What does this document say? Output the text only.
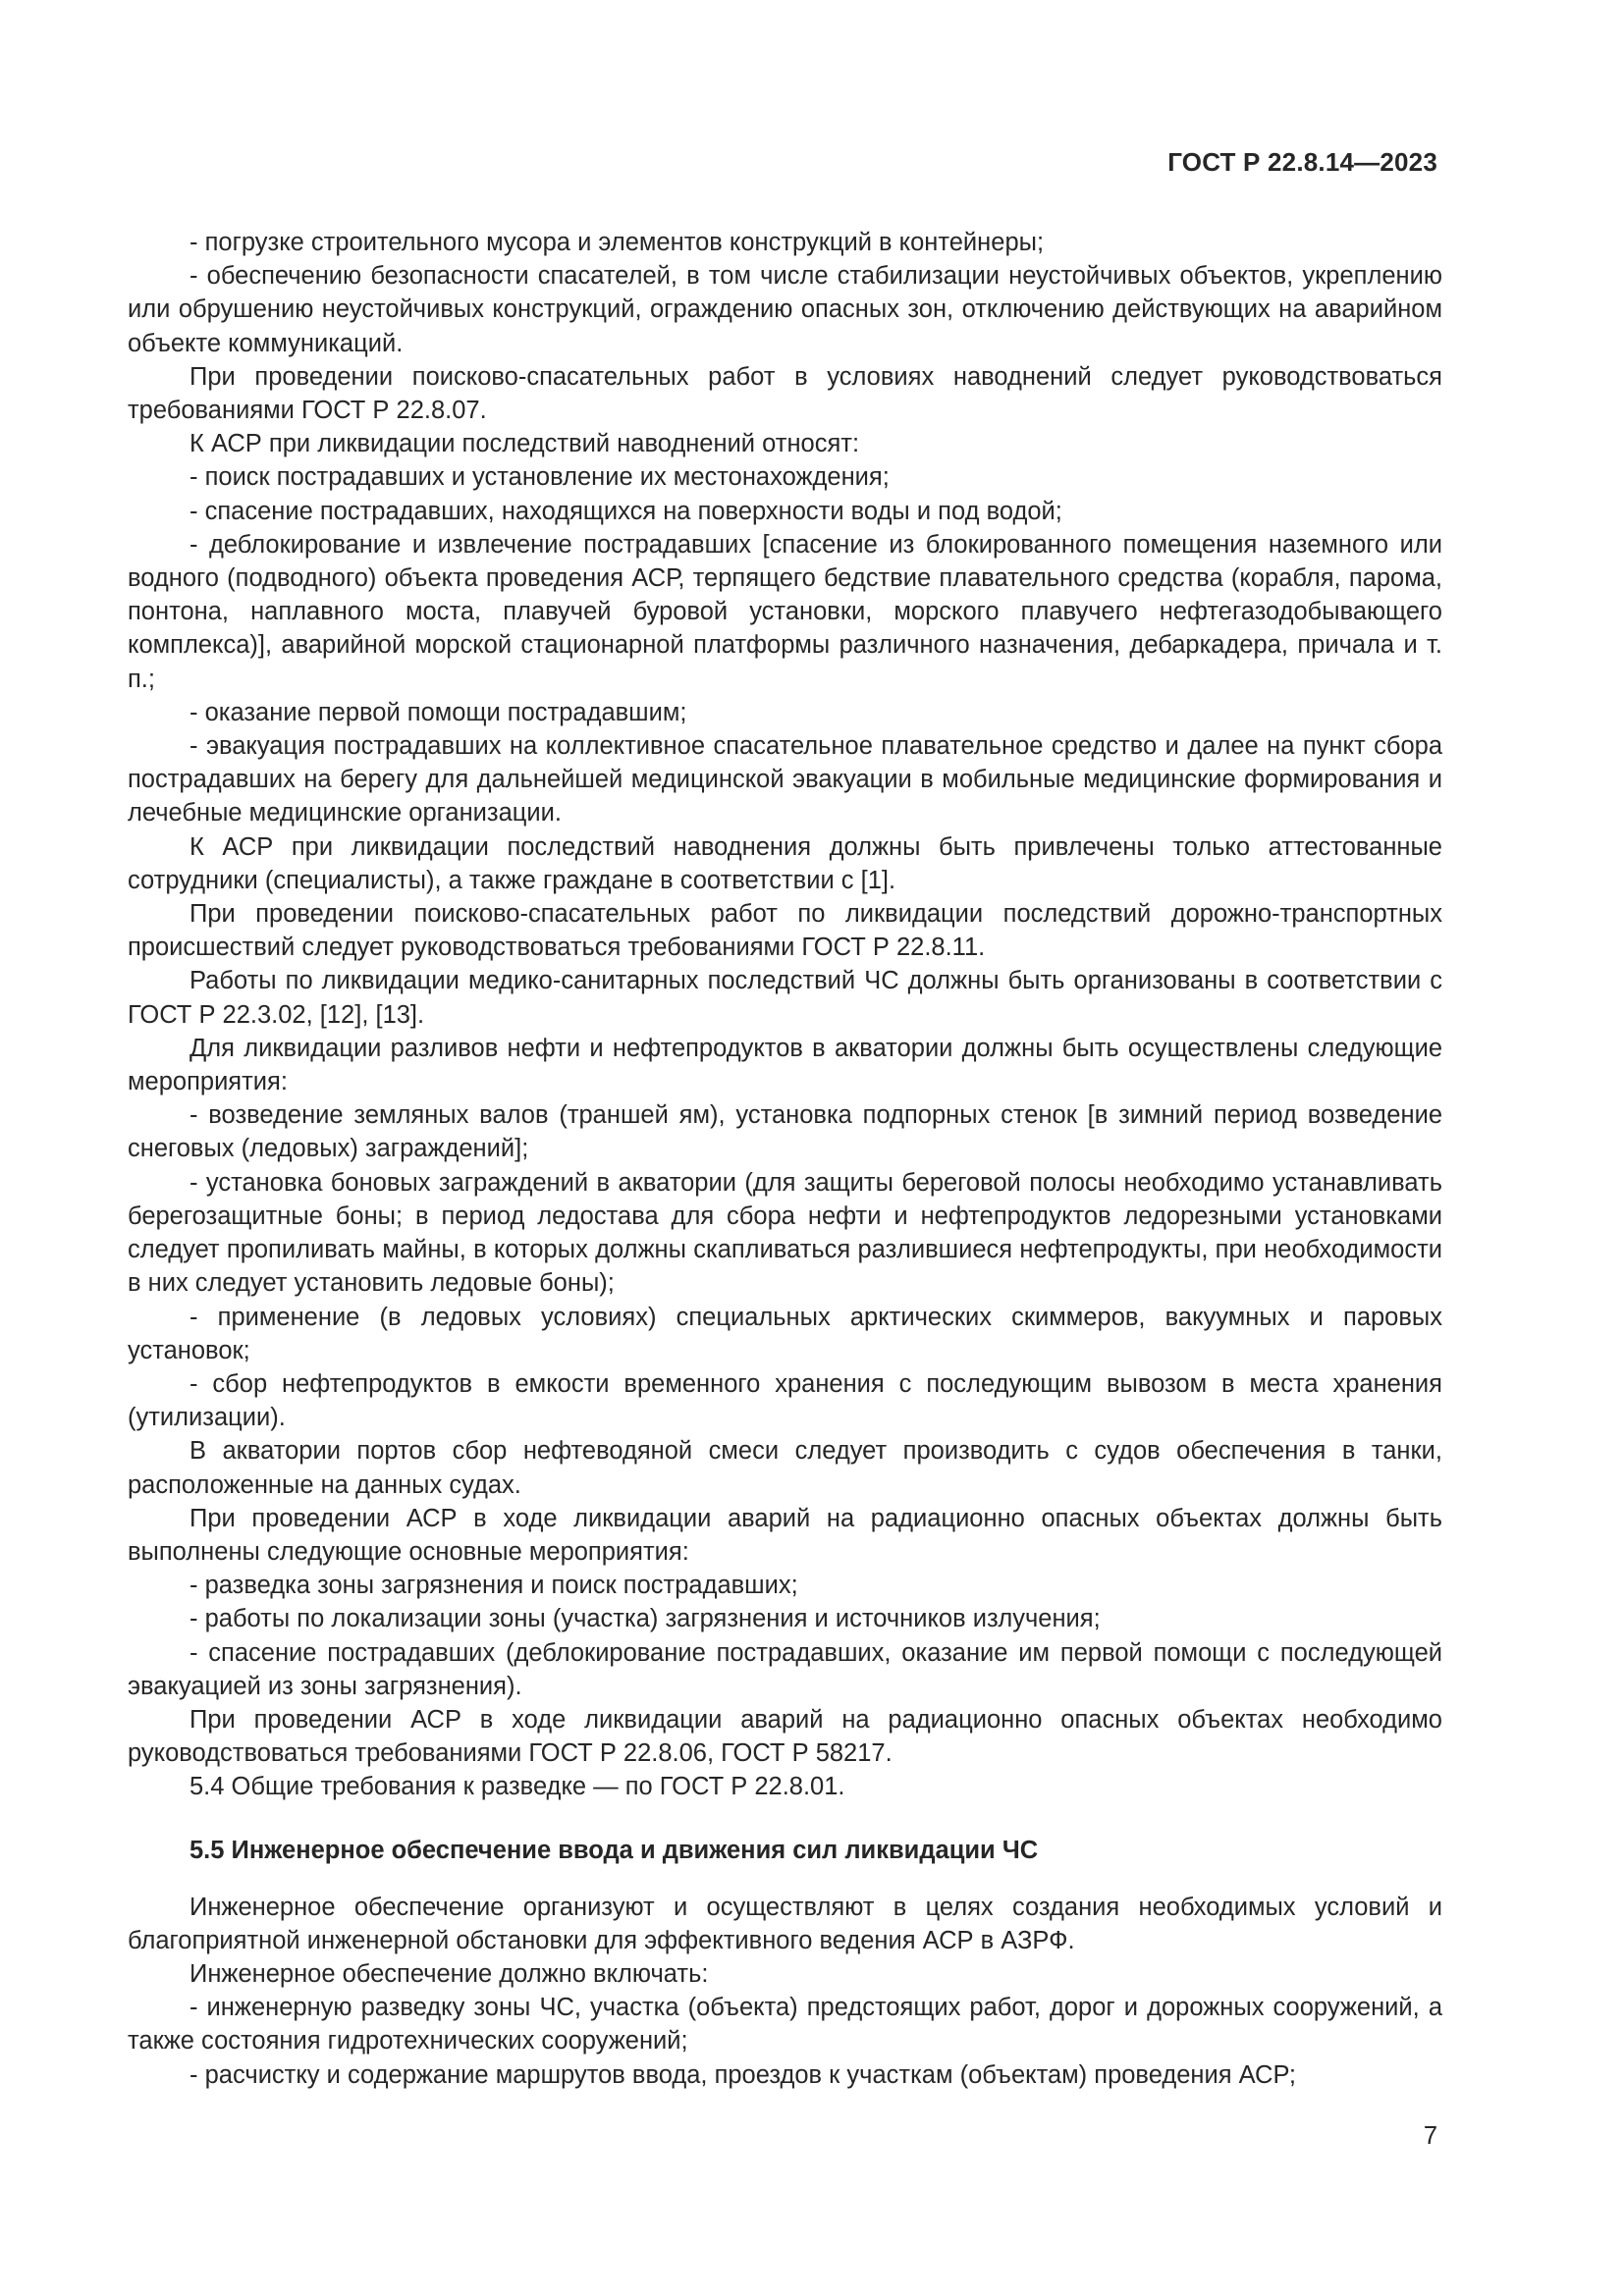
ГОСТ Р 22.8.14—2023

- погрузке строительного мусора и элементов конструкций в контейнеры;

- обеспечению безопасности спасателей, в том числе стабилизации неустойчивых объектов, укреплению или обрушению неустойчивых конструкций, ограждению опасных зон, отключению действующих на аварийном объекте коммуникаций.

При проведении поисково-спасательных работ в условиях наводнений следует руководствоваться требованиями ГОСТ Р 22.8.07.

К АСР при ликвидации последствий наводнений относят:

- поиск пострадавших и установление их местонахождения;

- спасение пострадавших, находящихся на поверхности воды и под водой;

- деблокирование и извлечение пострадавших [спасение из блокированного помещения наземного или водного (подводного) объекта проведения АСР, терпящего бедствие плавательного средства (корабля, парома, понтона, наплавного моста, плавучей буровой установки, морского плавучего нефтегазодобывающего комплекса)], аварийной морской стационарной платформы различного назначения, дебаркадера, причала и т. п.;

- оказание первой помощи пострадавшим;

- эвакуация пострадавших на коллективное спасательное плавательное средство и далее на пункт сбора пострадавших на берегу для дальнейшей медицинской эвакуации в мобильные медицинские формирования и лечебные медицинские организации.

К АСР при ликвидации последствий наводнения должны быть привлечены только аттестованные сотрудники (специалисты), а также граждане в соответствии с [1].

При проведении поисково-спасательных работ по ликвидации последствий дорожно-транспортных происшествий следует руководствоваться требованиями ГОСТ Р 22.8.11.

Работы по ликвидации медико-санитарных последствий ЧС должны быть организованы в соответствии с ГОСТ Р 22.3.02, [12], [13].

Для ликвидации разливов нефти и нефтепродуктов в акватории должны быть осуществлены следующие мероприятия:

- возведение земляных валов (траншей ям), установка подпорных стенок [в зимний период возведение снеговых (ледовых) заграждений];

- установка боновых заграждений в акватории (для защиты береговой полосы необходимо устанавливать берегозащитные боны; в период ледостава для сбора нефти и нефтепродуктов ледорезными установками следует пропиливать майны, в которых должны скапливаться разлившиеся нефтепродукты, при необходимости в них следует установить ледовые боны);

- применение (в ледовых условиях) специальных арктических скиммеров, вакуумных и паровых установок;

- сбор нефтепродуктов в емкости временного хранения с последующим вывозом в места хранения (утилизации).

В акватории портов сбор нефтеводяной смеси следует производить с судов обеспечения в танки, расположенные на данных судах.

При проведении АСР в ходе ликвидации аварий на радиационно опасных объектах должны быть выполнены следующие основные мероприятия:

- разведка зоны загрязнения и поиск пострадавших;

- работы по локализации зоны (участка) загрязнения и источников излучения;

- спасение пострадавших (деблокирование пострадавших, оказание им первой помощи с последующей эвакуацией из зоны загрязнения).

При проведении АСР в ходе ликвидации аварий на радиационно опасных объектах необходимо руководствоваться требованиями ГОСТ Р 22.8.06, ГОСТ Р 58217.

5.4 Общие требования к разведке — по ГОСТ Р 22.8.01.

5.5 Инженерное обеспечение ввода и движения сил ликвидации ЧС

Инженерное обеспечение организуют и осуществляют в целях создания необходимых условий и благоприятной инженерной обстановки для эффективного ведения АСР в АЗРФ.

Инженерное обеспечение должно включать:

- инженерную разведку зоны ЧС, участка (объекта) предстоящих работ, дорог и дорожных сооружений, а также состояния гидротехнических сооружений;

- расчистку и содержание маршрутов ввода, проездов к участкам (объектам) проведения АСР;

7
